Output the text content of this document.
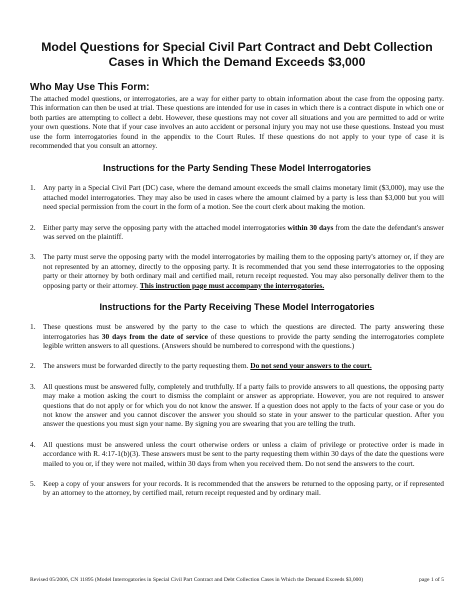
Model Questions for Special Civil Part Contract and Debt Collection Cases in Which the Demand Exceeds $3,000
Who May Use This Form:

The attached model questions, or interrogatories, are a way for either party to obtain information about the case from the opposing party. This information can then be used at trial. These questions are intended for use in cases in which there is a contract dispute in which one or both parties are attempting to collect a debt. However, these questions may not cover all situations and you are permitted to add or write your own questions. Note that if your case involves an auto accident or personal injury you may not use these questions. Instead you must use the form interrogatories found in the appendix to the Court Rules. If these questions do not apply to your type of case it is recommended that you consult an attorney.

Instructions for the Party Sending These Model Interrogatories
1.	Any party in a Special Civil Part (DC) case, where the demand amount exceeds the small claims monetary limit ($3,000), may use the attached model interrogatories. They may also be used in cases where the amount claimed by a party is less than $3,000 but you will need special permission from the court in the form of a motion. See the court clerk about making the motion.
2.	Either party may serve the opposing party with the attached model interrogatories within 30 days from the date the defendant's answer was served on the plaintiff.
3.	The party must serve the opposing party with the model interrogatories by mailing them to the opposing party's attorney or, if they are not represented by an attorney, directly to the opposing party. It is recommended that you send these interrogatories to the opposing party or their attorney by both ordinary mail and certified mail, return receipt requested. You may also personally deliver them to the opposing party or their attorney. This instruction page must accompany the interrogatories.
Instructions for the Party Receiving These Model Interrogatories
1.	These questions must be answered by the party to the case to which the questions are directed. The party answering these interrogatories has 30 days from the date of service of these questions to provide the party sending the interrogatories complete legible written answers to all questions. (Answers should be numbered to correspond with the questions.)
2.	The answers must be forwarded directly to the party requesting them. Do not send your answers to the court.
3.	All questions must be answered fully, completely and truthfully. If a party fails to provide answers to all questions, the opposing party may make a motion asking the court to dismiss the complaint or answer as appropriate. However, you are not required to answer questions that do not apply or for which you do not know the answer. If a question does not apply to the facts of your case or you do not know the answer and you cannot discover the answer you should so state in your answer to the particular question. After you answer the questions you must sign your name. By signing you are swearing that you are telling the truth.
4.	All questions must be answered unless the court otherwise orders or unless a claim of privilege or protective order is made in accordance with R. 4:17-1(b)(3). These answers must be sent to the party requesting them within 30 days of the date the questions were mailed to you or, if they were not mailed, within 30 days from when you received them. Do not send the answers to the court.
5.	Keep a copy of your answers for your records. It is recommended that the answers be returned to the opposing party, or if represented by an attorney to the attorney, by certified mail, return receipt requested and by ordinary mail.
Revised 05/2006, CN 11895 (Model Interrogatories in Special Civil Part Contract and Debt Collection Cases in Which the Demand Exceeds $3,000)	page 1 of 5
